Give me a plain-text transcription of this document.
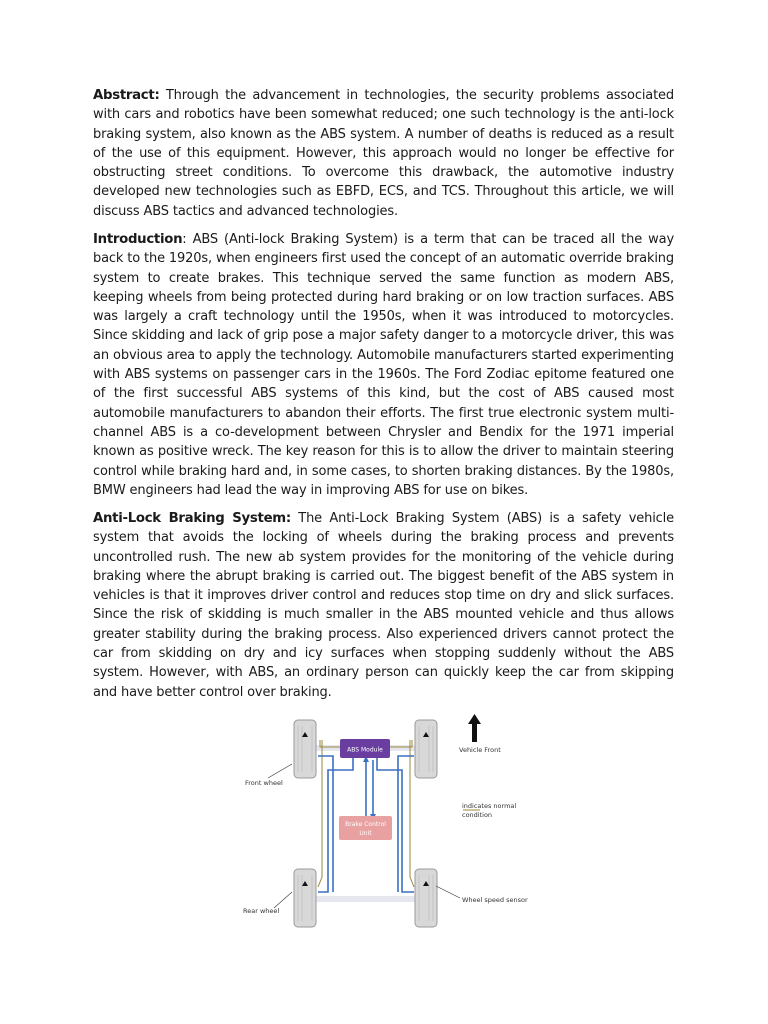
Abstract: Through the advancement in technologies, the security problems associated with cars and robotics have been somewhat reduced; one such technology is the anti-lock braking system, also known as the ABS system. A number of deaths is reduced as a result of the use of this equipment. However, this approach would no longer be effective for obstructing street conditions. To overcome this drawback, the automotive industry developed new technologies such as EBFD, ECS, and TCS. Throughout this article, we will discuss ABS tactics and advanced technologies.

Introduction: ABS (Anti-lock Braking System) is a term that can be traced all the way back to the 1920s, when engineers first used the concept of an automatic override braking system to create brakes. This technique served the same function as modern ABS, keeping wheels from being protected during hard braking or on low traction surfaces. ABS was largely a craft technology until the 1950s, when it was introduced to motorcycles. Since skidding and lack of grip pose a major safety danger to a motorcycle driver, this was an obvious area to apply the technology. Automobile manufacturers started experimenting with ABS systems on passenger cars in the 1960s. The Ford Zodiac epitome featured one of the first successful ABS systems of this kind, but the cost of ABS caused most automobile manufacturers to abandon their efforts. The first true electronic system multi-channel ABS is a co-development between Chrysler and Bendix for the 1971 imperial known as positive wreck. The key reason for this is to allow the driver to maintain steering control while braking hard and, in some cases, to shorten braking distances. By the 1980s, BMW engineers had lead the way in improving ABS for use on bikes.

Anti-Lock Braking System: The Anti-Lock Braking System (ABS) is a safety vehicle system that avoids the locking of wheels during the braking process and prevents uncontrolled rush. The new ab system provides for the monitoring of the vehicle during braking where the abrupt braking is carried out. The biggest benefit of the ABS system in vehicles is that it improves driver control and reduces stop time on dry and slick surfaces. Since the risk of skidding is much smaller in the ABS mounted vehicle and thus allows greater stability during the braking process. Also experienced drivers cannot protect the car from skidding on dry and icy surfaces when stopping suddenly without the ABS system. However, with ABS, an ordinary person can quickly keep the car from skipping and have better control over braking.

ABS Module
Brake Control
Unit
Vehicle Front
indicates normal
condition
Front wheel
Rear wheel
Wheel speed sensor
